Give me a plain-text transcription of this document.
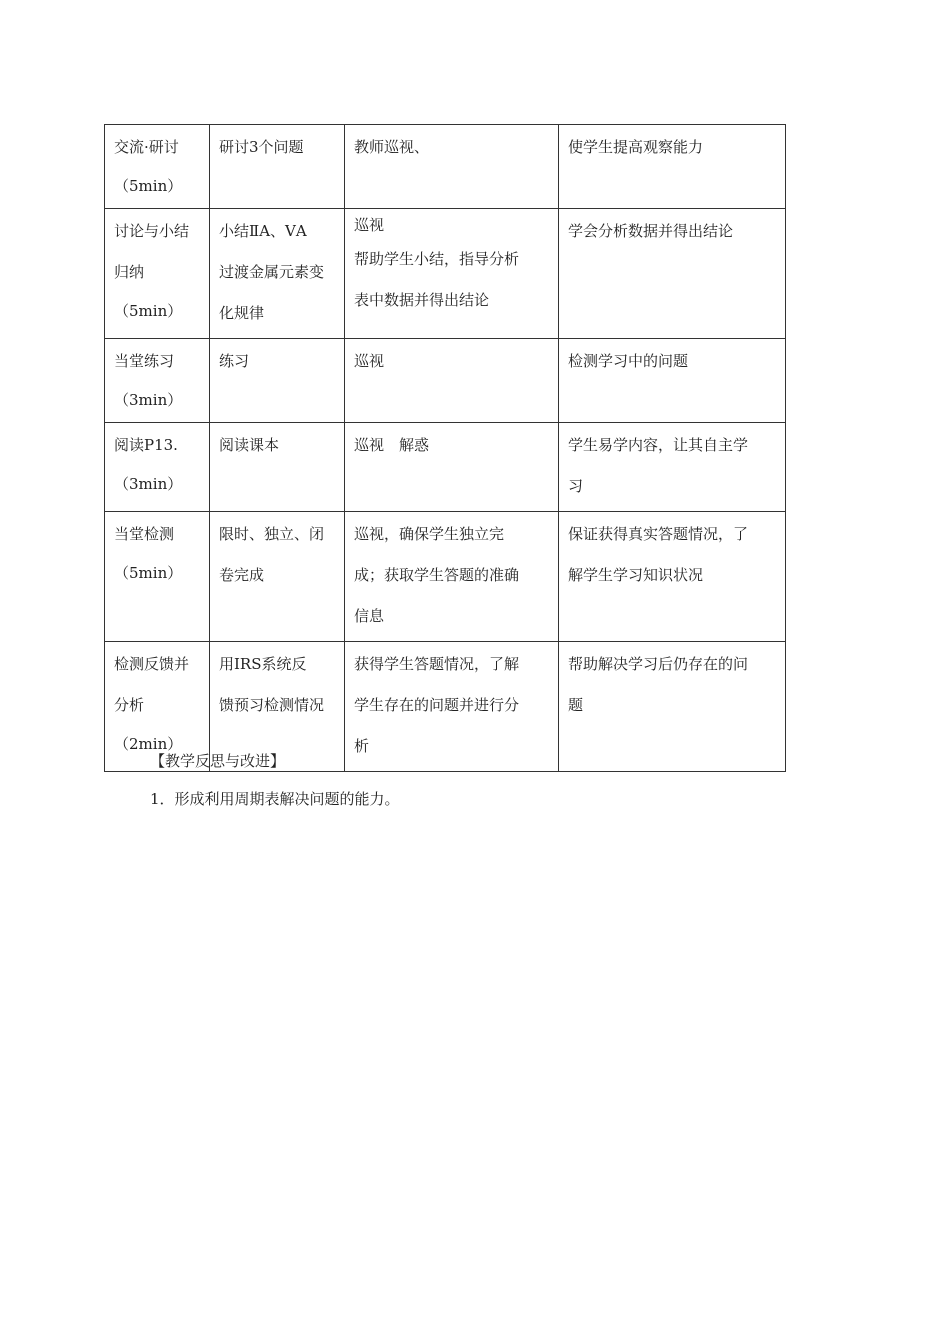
交流·研讨
（5min）	研讨3个问题	教师巡视、	使学生提高观察能力

讨论与小结
归纳
（5min）	小结ⅡA、ⅤA
过渡金属元素变
化规律	巡视
帮助学生小结，指导分析
表中数据并得出结论	学会分析数据并得出结论

当堂练习
（3min）	练习	巡视	检测学习中的问题

阅读P13.
（3min）	阅读课本	巡视　解惑	学生易学内容，让其自主学
习

当堂检测
（5min）	限时、独立、闭
卷完成	巡视，确保学生独立完
成；获取学生答题的准确
信息	保证获得真实答题情况，了
解学生学习知识状况

检测反馈并
分析
（2min）	用IRS系统反
馈预习检测情况	获得学生答题情况，了解
学生存在的问题并进行分
析	帮助解决学习后仍存在的问
题
【教学反思与改进】
1．形成利用周期表解决问题的能力。
